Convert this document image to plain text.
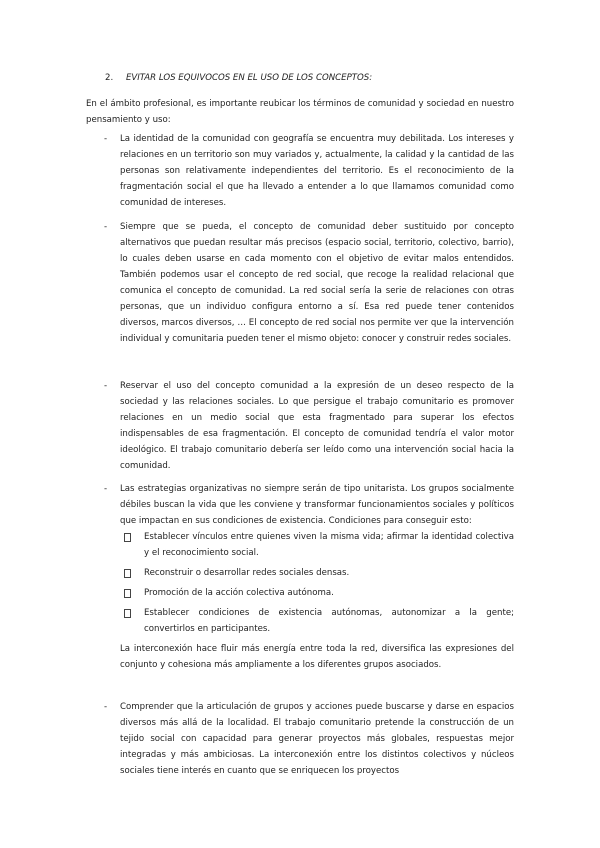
2. EVITAR LOS EQUIVOCOS EN EL USO DE LOS CONCEPTOS:
En el ámbito profesional, es importante reubicar los términos de comunidad y sociedad en nuestro pensamiento y uso:
- La identidad de la comunidad con geografía se encuentra muy debilitada. Los intereses y relaciones en un territorio son muy variados y, actualmente, la calidad y la cantidad de las personas son relativamente independientes del territorio. Es el reconocimiento de la fragmentación social el que ha llevado a entender a lo que llamamos comunidad como comunidad de intereses.
- Siempre que se pueda, el concepto de comunidad deber sustituido por concepto alternativos que puedan resultar más precisos (espacio social, territorio, colectivo, barrio), lo cuales deben usarse en cada momento con el objetivo de evitar malos entendidos. También podemos usar el concepto de red social, que recoge la realidad relacional que comunica el concepto de comunidad. La red social sería la serie de relaciones con otras personas, que un individuo configura entorno a sí. Esa red puede tener contenidos diversos, marcos diversos, … El concepto de red social nos permite ver que la intervención individual y comunitaria pueden tener el mismo objeto: conocer y construir redes sociales.
- Reservar el uso del concepto comunidad a la expresión de un deseo respecto de la sociedad y las relaciones sociales. Lo que persigue el trabajo comunitario es promover relaciones en un medio social que esta fragmentado para superar los efectos indispensables de esa fragmentación. El concepto de comunidad tendría el valor motor ideológico. El trabajo comunitario debería ser leído como una intervención social hacia la comunidad.
- Las estrategias organizativas no siempre serán de tipo unitarista. Los grupos socialmente débiles buscan la vida que les conviene y transformar funcionamientos sociales y políticos que impactan en sus condiciones de existencia. Condiciones para conseguir esto:
Establecer vínculos entre quienes viven la misma vida; afirmar la identidad colectiva y el reconocimiento social.
Reconstruir o desarrollar redes sociales densas.
Promoción de la acción colectiva autónoma.
Establecer condiciones de existencia autónomas, autonomizar a la gente; convertirlos en participantes.
La interconexión hace fluir más energía entre toda la red, diversifica las expresiones del conjunto y cohesiona más ampliamente a los diferentes grupos asociados.
- Comprender que la articulación de grupos y acciones puede buscarse y darse en espacios diversos más allá de la localidad. El trabajo comunitario pretende la construcción de un tejido social con capacidad para generar proyectos más globales, respuestas mejor integradas y más ambiciosas. La interconexión entre los distintos colectivos y núcleos sociales tiene interés en cuanto que se enriquecen los proyectos
